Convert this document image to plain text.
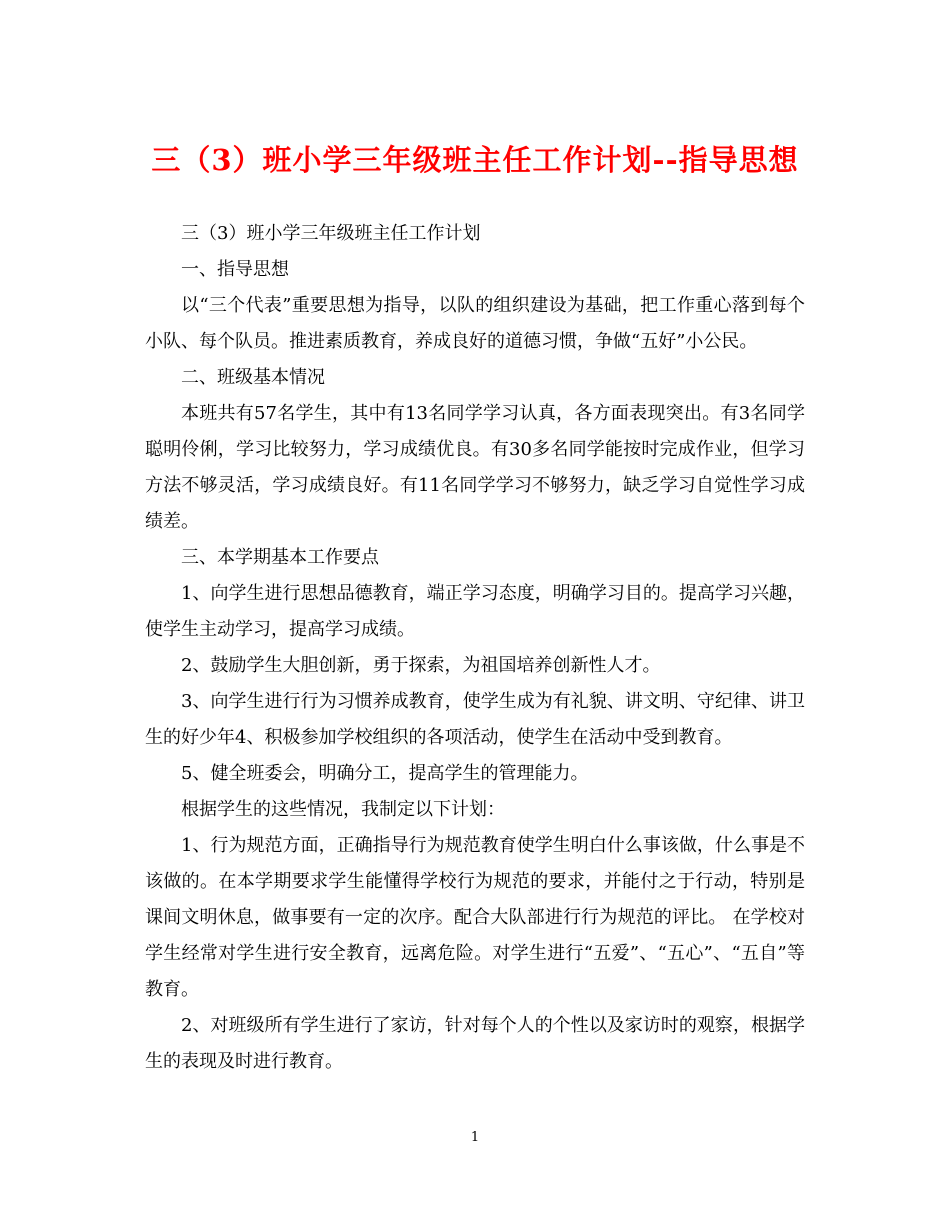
三（3）班小学三年级班主任工作计划--指导思想

三（3）班小学三年级班主任工作计划

一、指导思想

以“三个代表”重要思想为指导，以队的组织建设为基础，把工作重心落到每个小队、每个队员。推进素质教育，养成良好的道德习惯，争做“五好”小公民。

二、班级基本情况

本班共有57名学生，其中有13名同学学习认真，各方面表现突出。有3名同学聪明伶俐，学习比较努力，学习成绩优良。有30多名同学能按时完成作业，但学习方法不够灵活，学习成绩良好。有11名同学学习不够努力，缺乏学习自觉性学习成绩差。

三、本学期基本工作要点

1、向学生进行思想品德教育，端正学习态度，明确学习目的。提高学习兴趣，使学生主动学习，提高学习成绩。

2、鼓励学生大胆创新，勇于探索，为祖国培养创新性人才。

3、向学生进行行为习惯养成教育，使学生成为有礼貌、讲文明、守纪律、讲卫生的好少年4、积极参加学校组织的各项活动，使学生在活动中受到教育。

5、健全班委会，明确分工，提高学生的管理能力。

根据学生的这些情况，我制定以下计划：

1、行为规范方面，正确指导行为规范教育使学生明白什么事该做，什么事是不该做的。在本学期要求学生能懂得学校行为规范的要求，并能付之于行动，特别是课间文明休息，做事要有一定的次序。配合大队部进行行为规范的评比。 在学校对学生经常对学生进行安全教育，远离危险。对学生进行“五爱”、“五心”、“五自”等教育。

2、对班级所有学生进行了家访，针对每个人的个性以及家访时的观察，根据学生的表现及时进行教育。

1
